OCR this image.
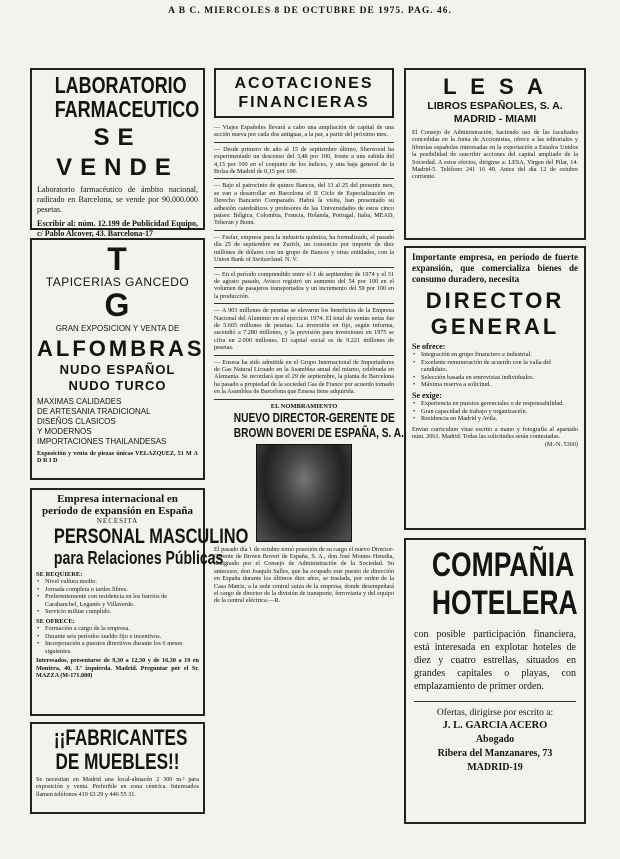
A B C. MIERCOLES 8 DE OCTUBRE DE 1975. PAG. 46.
LABORATORIO
FARMACEUTICO
SE VENDE
Laboratorio farmacéutico de ámbito nacional, radicado en Barcelona, se vende por 90.000.000 pesetas.
Escribir al: núm. 12.199 de Publicidad Equipo, c/ Pablo Alcover, 43. Barcelona-17
T
TAPICERIAS GANCEDO
G
GRAN EXPOSICION Y VENTA DE
ALFOMBRAS
NUDO ESPAÑOL
NUDO TURCO
MAXIMAS CALIDADES
DE ARTESANIA TRADICIONAL
DISEÑOS CLASICOS
Y MODERNOS
IMPORTACIONES THAILANDESAS
Exposición y venta de piezas únicas VELAZQUEZ, 51 M A D R I D
Empresa internacional en
período de expansión en España
NECESITA
PERSONAL MASCULINO
para Relaciones Públicas
SE REQUIERE:
• Nivel cultura medio.
• Jornada completa o tardes libres.
• Preferentemente con residencia en los barrios de Carabanchel, Leganés y Villaverde.
• Servicio militar cumplido.
SE OFRECE:
• Formación a cargo de la empresa.
• Durante seis períodos sueldo fijo e incentivos.
• Incorporación a puestos directivos durante los 6 meses siguientes.
Interesados, presentarse de 9,30 a 12,30 y de 16,30 a 19 en Montera, 40, 3.ª izquierda. Madrid. Preguntar por el Sr. MAZZA (M-171.080)
¡¡FABRICANTES
DE MUEBLES!!
Se necesitan en Madrid una local-almacén 2 300 m.² para exposición y venta. Preferible en zona céntrica. Interesados llamen teléfonos 419 63 29 y 446 55 31.
ACOTACIONES FINANCIERAS
— Viajes Españoles llevará a cabo una ampliación de capital de una acción nueva por cada dos antiguas, a la par, a partir del próximo mes.
— Desde primero de año al 15 de septiembre último, Sherwood ha experimentado un descenso del 3,48 por 100, frente a una subida del 4,13 por 100 en el conjunto de los índices, y una baja general de la Bolsa de Madrid de 0,15 por 100.
— Bajo el patrocinio de quince Bancos, del 13 al 25 del presente mes, se van a desarrollar en Barcelona el II Ciclo de Especialización en Derecho Bancario Comparado. Habrá la visita, han presentado su adhesión catedráticos y profesores de las Universidades de estos cinco países: Bélgica, Colombia, Francia, Holanda, Portugal, Italia, MEAD, Teheran y Bonn.
— Fasfar, empresa para la industria química, ha formalizado, el pasado día 25 de septiembre en Zurich, un consorcio por importe de diez millones de dólares con un grupo de Bancos y otras entidades, con la Union Bank of Switzerland. N. V.
— En el período comprendido entre el 1 de septiembre de 1974 y el 31 de agosto pasado, Avisco registró un aumento del 54 por 100 en el volumen de pasajeros transportados y un incremento del 59 por 100 en la producción.
— A 903 millones de pesetas se elevaron los beneficios de la Empresa Nacional del Aluminio en el ejercicio 1974. El total de ventas netas fue de 5.665 millones de pesetas. La inversión en fijo, según informa, ascendió a 7.280 millones, y la previsión para inversiones en 1975 se cifra en 2.000 millones. El capital social es de 9.221 millones de pesetas.
— Ensesa ha sido admitida en el Grupo Internacional de Importadores de Gas Natural Licuado en la Asamblea anual del mismo, celebrada en Alemania. Se recordará que el 29 de septiembre, la planta de Barcelona ha pasado a propiedad de la sociedad Gas de France por acuerdo tomado en la Asamblea de Barcelona que Ensesa tiene adquirida.
EL NOMBRAMIENTO
NUEVO DIRECTOR-GERENTE DE
BROWN BOVERI DE ESPAÑA, S. A.
El pasado día 1 de octubre tomó posesión de su cargo el nuevo Director-Gerente de Brown Boveri de España, S. A., don José Montes Heredia, designado por el Consejo de Administración de la Sociedad. Su antecesor, don Joaquín Salles, que ha ocupado este puesto de dirección en España durante los últimos diez años, se traslada, por orden de la Casa Matriz, a la sede central suiza de la empresa, donde desempeñará el cargo de director de la división de transporte, ferroviaria y del equipo de la central eléctrica.—R.
L E S A
LIBROS ESPAÑOLES, S. A.
MADRID - MIAMI
El Consejo de Administración, haciendo uso de las facultades concedidas en la Junta de Accionistas, ofrece a las editoriales y librerías españolas interesadas en la exportación a Estados Unidos la posibilidad de suscribir acciones del capital ampliado de la Sociedad. A estos efectos, dirigirse a: LESA, Virgen del Pilar, 14. Madrid-5. Teléfono 241 16 49. Antes del día 12 de octubre corriente.
Importante empresa, en período de fuerte expansión, que comercializa bienes de consumo duradero, necesita
DIRECTOR
GENERAL
Se ofrece:
• Integración en grupo financiero e industrial.
• Excelente remuneración de acuerdo con la valía del candidato.
• Selección basada en entrevistas individuales.
• Máxima reserva a solicitud.
Se exige:
• Experiencia en puestos gerenciales o de responsabilidad.
• Gran capacidad de trabajo y organización.
• Residencia en Madrid y Avila.
Enviar curriculum vitae escrito a mano y fotografía al apartado núm. 2061. Madrid. Todas las solicitudes serán contestadas.
(M.-N. 5360)
COMPAÑIA
HOTELERA
con posible participación financiera, está interesada en explotar hoteles de diez y cuatro estrellas, situados en grandes capitales o playas, con emplazamiento de primer orden.
Ofertas, dirigirse por escrito a:
J. L. GARCIA ACERO
Abogado
Ribera del Manzanares, 73
MADRID-19
